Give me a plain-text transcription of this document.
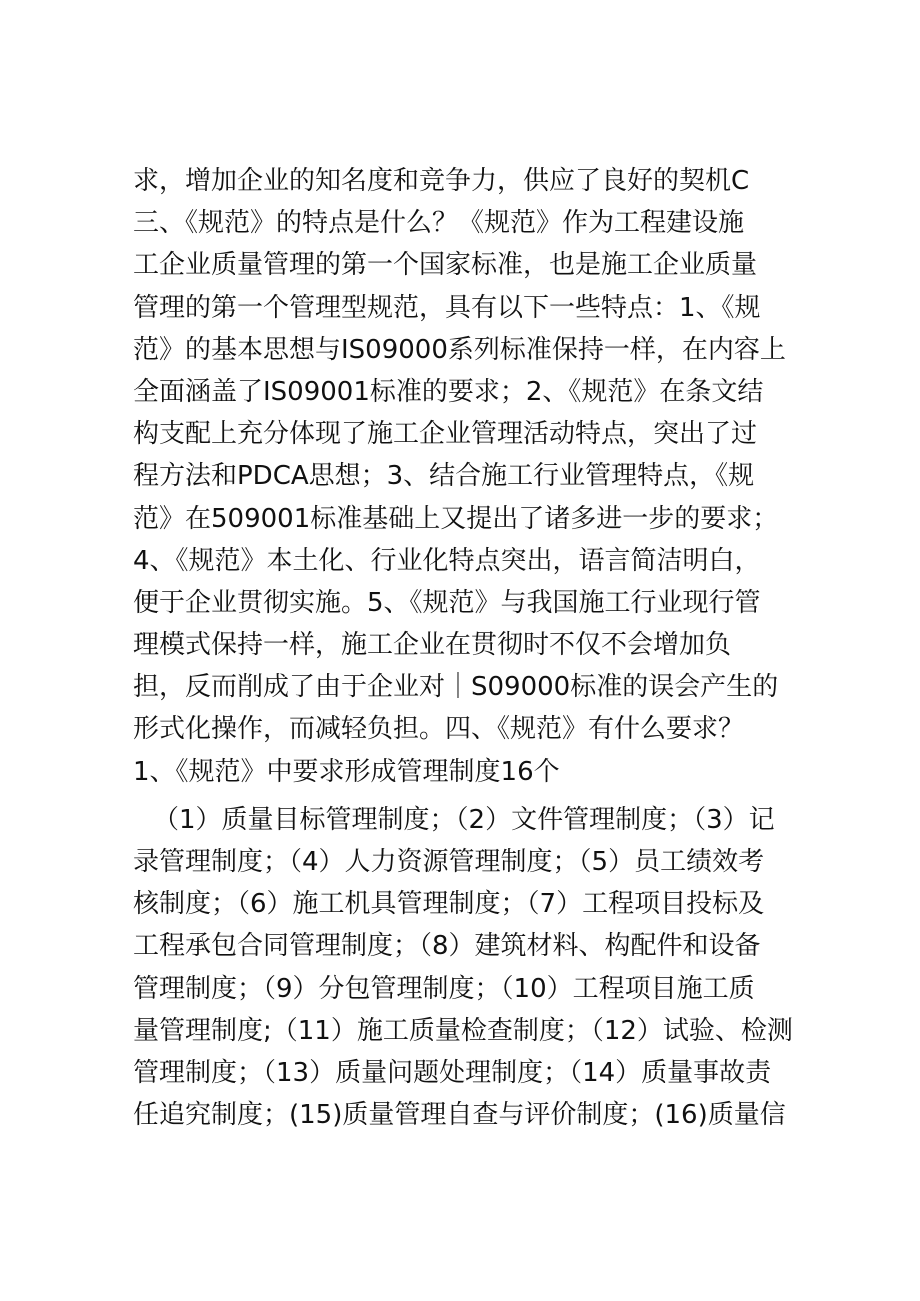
求，增加企业的知名度和竞争力，供应了良好的契机C
三、《规范》的特点是什么？《规范》作为工程建设施
工企业质量管理的第一个国家标准，也是施工企业质量
管理的第一个管理型规范，具有以下一些特点：1、《规
范》的基本思想与IS09000系列标准保持一样，在内容上
全面涵盖了IS09001标准的要求；2、《规范》在条文结
构支配上充分体现了施工企业管理活动特点，突出了过
程方法和PDCA思想；3、结合施工行业管理特点，《规
范》在509001标准基础上又提出了诸多进一步的要求；
4、《规范》本土化、行业化特点突出，语言简洁明白，
便于企业贯彻实施。5、《规范》与我国施工行业现行管
理模式保持一样，施工企业在贯彻时不仅不会增加负
担，反而削成了由于企业对｜S09000标准的误会产生的
形式化操作，而减轻负担。四、《规范》有什么要求？
1、《规范》中要求形成管理制度16个
（1）质量目标管理制度；（2）文件管理制度；（3）记
录管理制度；（4）人力资源管理制度；（5）员工绩效考
核制度；（6）施工机具管理制度；（7）工程项目投标及
工程承包合同管理制度；（8）建筑材料、构配件和设备
管理制度；（9）分包管理制度；（10）工程项目施工质
量管理制度;（11）施工质量检查制度；（12）试验、检测
管理制度；（13）质量问题处理制度；（14）质量事故责
任追究制度；(15)质量管理自查与评价制度；(16)质量信
